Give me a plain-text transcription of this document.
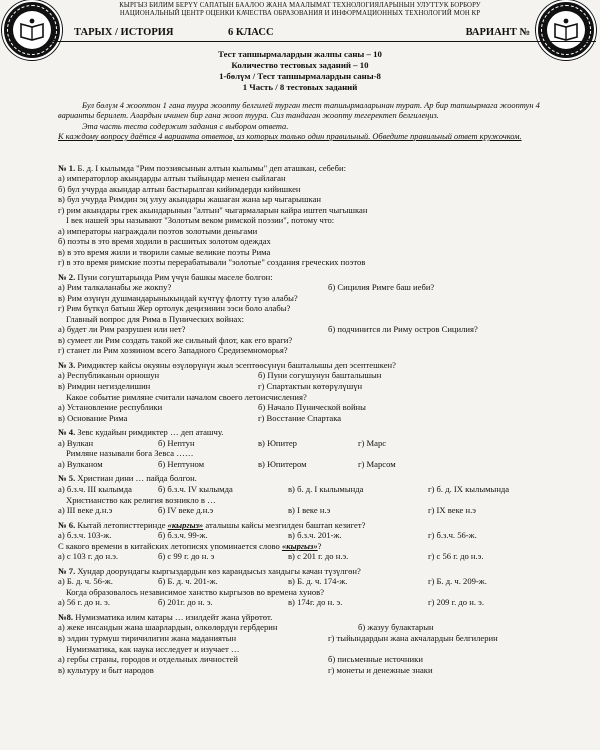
КЫРГЫЗ БИЛИМ БЕРҮҮ САПАТЫН БААЛОО ЖАНА МААЛЫМАТ ТЕХНОЛОГИЯЛАРЫНЫН УЛУТТУК БОРБОРУ
НАЦИОНАЛЬНЫЙ ЦЕНТР ОЦЕНКИ КАЧЕСТВА ОБРАЗОВАНИЯ И ИНФОРМАЦИОННЫХ ТЕХНОЛОГИЙ МОН КР
ТАРЫХ / ИСТОРИЯ	6 КЛАСС	ВАРИАНТ №
Тест тапшырмалардын жалпы саны – 10
Количество тестовых заданий – 10
1-бөлүм / Тест тапшырмалардын саны-8
1 Часть / 8 тестовых заданий

Бул бөлүм 4 жооптон 1 гана туура жоопту белгилей турган тест тапшырмаларынан турат. Ар бир тапшырмага жооптун 4 варианты берилет. Алардын ичинен бир гана жооп туура. Сиз тандаган жоопту тегеректеп белгилеңиз.

Эта часть теста содержит задания с выбором ответа.

К каждому вопросу даётся 4 варианта ответов, из которых только один правильный. Обведите правильный ответ кружочком.

№ 1. Б. д. I кылымда "Рим поэзиясынын алтын кылымы" деп аташкан, себеби:

а) императорлор акындарды алтын тыйындар менен сыйлаган

б) бул учурда акындар алтын бастырылган кийимдерди кийишкен

в) бул учурда Римдин эң улуу акындары жашаган жана ыр чыгарышкан

г) рим акындары грек акындарынын "алтын" чыгармаларын кайра иштеп чыгышкан

I век нашей эры называют "Золотым веком римской поэзии", потому что:

а) императоры награждали поэтов золотыми деньгами

б) поэты в это время ходили в расшитых золотом одеждах

в) в это время жили и творили самые великие поэты Рима

г) в это время римские поэты перерабатывали "золотые" создания греческих поэтов

№ 2. Пуни согуштарында Рим үчүн башкы маселе болгон:

а) Рим талкаланабы же жокпу?	б) Сицилия Римге баш иеби?

в) Рим өзүнүн душмандарыныкындай күчтүү флотту түзө алабы?

г) Рим бүткүл батыш Жер ортолук деңизинин ээси боло алабы?

Главный вопрос для Рима в Пунических войнах:

а) будет ли Рим разрушен или нет?	б) подчинится ли Риму остров Сицилия?

в) сумеет ли Рим создать такой же сильный флот, как его враги?

г) станет ли Рим хозяином всего Западного Средиземноморья?

№ 3. Римдиктер кайсы окуяны өзүлөрүнүн жыл эсептөөсүнүн башталышы деп эсептешкен?

а) Республиканын орношун	б) Пуни согушунун башталышын
в) Римдин негизделишин	г) Спартактын көтөрүлүшүн

Какое событие римляне считали началом своего летоисчисления?

а) Установление республики	б) Начало Пунической войны
в) Основание Рима	г) Восстание Спартака

№ 4. Зевс кудайын римдиктер … деп аташчу.

а) Вулкан	б) Нептун	в) Юпитер	г) Марс

Римляне называли бога Зевса ……

а) Вулканом	б) Нептуном	в) Юпитером	г) Марсом

№ 5. Христиан дини … пайда болгон.

а) б.з.ч. III кылымда	б) б.з.ч. IV кылымда	в) б. д. I кылымында	г) б. д. IX кылымында

Христианство как религия возникло в …

а) III веке д.н.э	б) IV веке д.н.э	в) I веке н.э	г) IX веке н.э

№ 6. Кытай летописттеринде «кыргыз» аталышы кайсы мезгилден баштап кезигет?

а) б.з.ч. 103-ж.	б) б.з.ч. 99-ж.	в) б.з.ч. 201-ж.	г) б.з.ч. 56-ж.

С какого времени в китайских летописях упоминается слово «кыргыз»?

а) с 103 г. до н.э.	б) с 99 г. до н. э	в) с 201 г. до н.э.	г) с 56 г. до н.э.

№ 7. Хундар доорундагы кыргыздардын көз карандысыз хандыгы качан түзүлгөн?

а) Б. д. ч. 56-ж.	б) Б. д. ч. 201-ж.	в) Б. д. ч. 174-ж.	г) Б. д. ч. 209-ж.

Когда образовалось независимое ханство кыргызов во времена хунов?

а) 56 г. до н. э.	б) 201г. до н. э.	в) 174г. до н. э.	г) 209 г. до н. э.

№8. Нумизматика илим катары … изилдейт жана үйрөтөт.

а) жеке инсандын жана шаарлардын, өлкөлөрдүн гербдерин	б) жазуу булактарын
в) элдин турмуш тиричилигин жана маданиятын	г) тыйындардын жана акчалардын белгилерин

Нумизматика, как наука исследует и изучает …

а) гербы страны, городов и отдельных личностей	б) письменные источники
в) культуру и быт народов	г) монеты и денежные знаки
